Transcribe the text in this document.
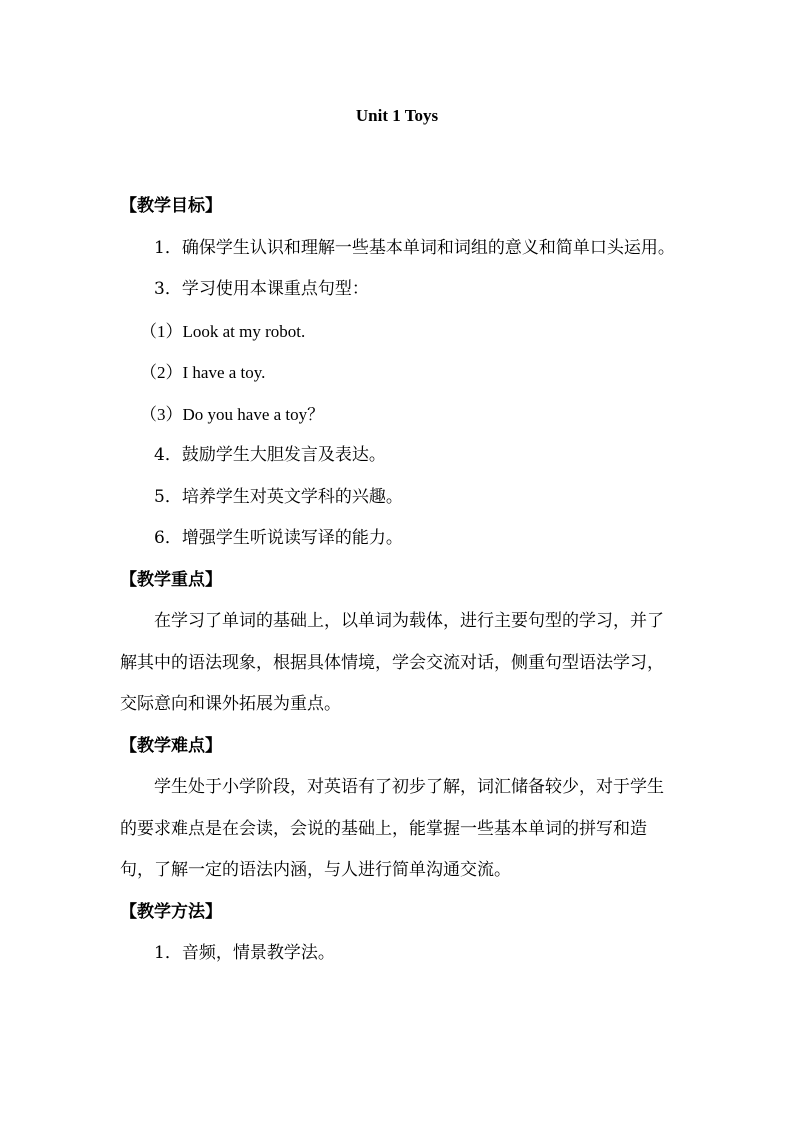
Unit 1 Toys

【教学目标】

1．确保学生认识和理解一些基本单词和词组的意义和简单口头运用。

3．学习使用本课重点句型：

（1）Look at my robot.

（2）I have a toy.

（3）Do you have a toy？

4．鼓励学生大胆发言及表达。

5．培养学生对英文学科的兴趣。

6．增强学生听说读写译的能力。

【教学重点】

在学习了单词的基础上，以单词为载体，进行主要句型的学习，并了解其中的语法现象，根据具体情境，学会交流对话，侧重句型语法学习，交际意向和课外拓展为重点。

【教学难点】

学生处于小学阶段，对英语有了初步了解，词汇储备较少，对于学生的要求难点是在会读，会说的基础上，能掌握一些基本单词的拼写和造句，了解一定的语法内涵，与人进行简单沟通交流。

【教学方法】

1．音频，情景教学法。
